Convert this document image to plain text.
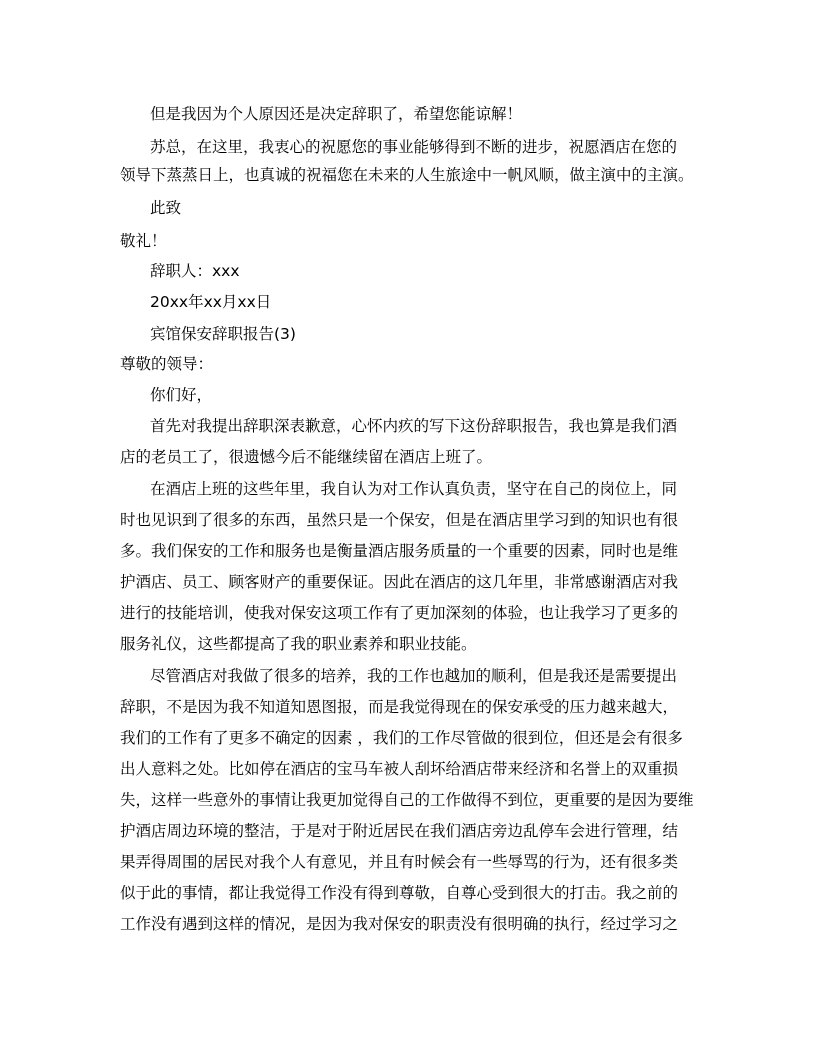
但是我因为个人原因还是决定辞职了，希望您能谅解！
苏总，在这里，我衷心的祝愿您的事业能够得到不断的进步，祝愿酒店在您的
领导下蒸蒸日上，也真诚的祝福您在未来的人生旅途中一帆风顺，做主演中的主演。
此致
敬礼！
辞职人：xxx
20xx年xx月xx日
宾馆保安辞职报告(3)
尊敬的领导：
你们好，
首先对我提出辞职深表歉意，心怀内疚的写下这份辞职报告，我也算是我们酒
店的老员工了，很遗憾今后不能继续留在酒店上班了。
在酒店上班的这些年里，我自认为对工作认真负责，坚守在自己的岗位上，同
时也见识到了很多的东西，虽然只是一个保安，但是在酒店里学习到的知识也有很
多。我们保安的工作和服务也是衡量酒店服务质量的一个重要的因素，同时也是维
护酒店、员工、顾客财产的重要保证。因此在酒店的这几年里，非常感谢酒店对我
进行的技能培训，使我对保安这项工作有了更加深刻的体验，也让我学习了更多的
服务礼仪，这些都提高了我的职业素养和职业技能。
尽管酒店对我做了很多的培养，我的工作也越加的顺利，但是我还是需要提出
辞职，不是因为我不知道知恩图报，而是我觉得现在的保安承受的压力越来越大，
我们的工作有了更多不确定的因素 ，我们的工作尽管做的很到位，但还是会有很多
出人意料之处。比如停在酒店的宝马车被人刮坏给酒店带来经济和名誉上的双重损
失，这样一些意外的事情让我更加觉得自己的工作做得不到位，更重要的是因为要维
护酒店周边环境的整洁，于是对于附近居民在我们酒店旁边乱停车会进行管理，结
果弄得周围的居民对我个人有意见，并且有时候会有一些辱骂的行为，还有很多类
似于此的事情，都让我觉得工作没有得到尊敬，自尊心受到很大的打击。我之前的
工作没有遇到这样的情况，是因为我对保安的职责没有很明确的执行，经过学习之
